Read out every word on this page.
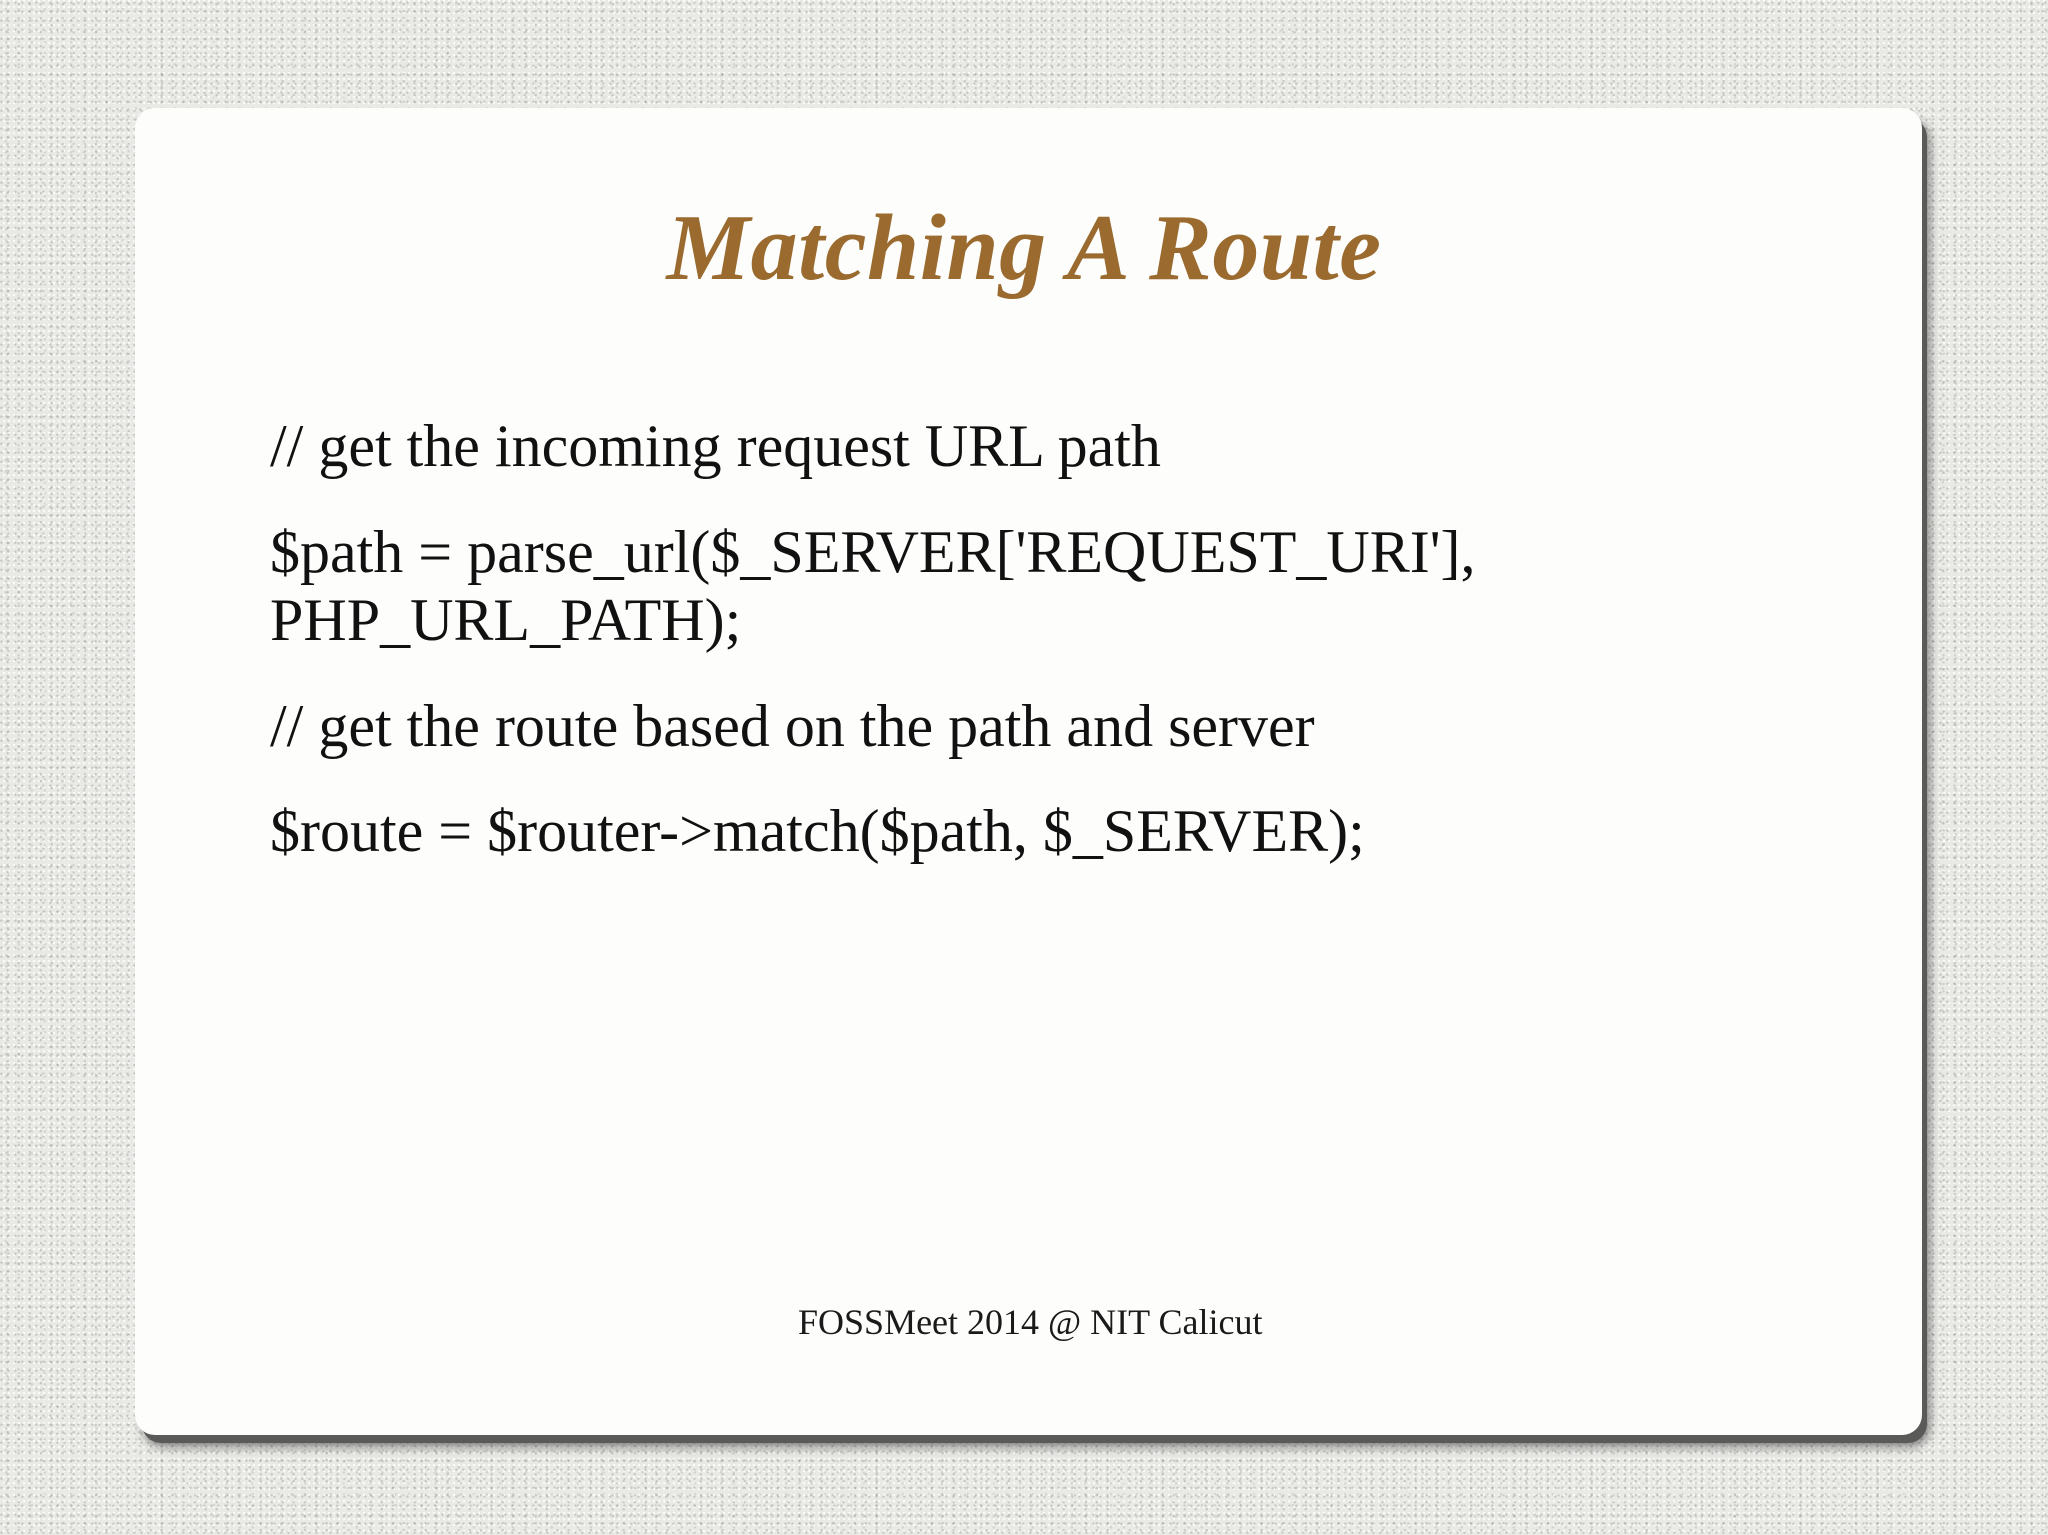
Matching A Route
// get the incoming request URL path
$path = parse_url($_SERVER['REQUEST_URI'],
PHP_URL_PATH);
// get the route based on the path and server
$route = $router->match($path, $_SERVER);
FOSSMeet 2014 @ NIT Calicut
